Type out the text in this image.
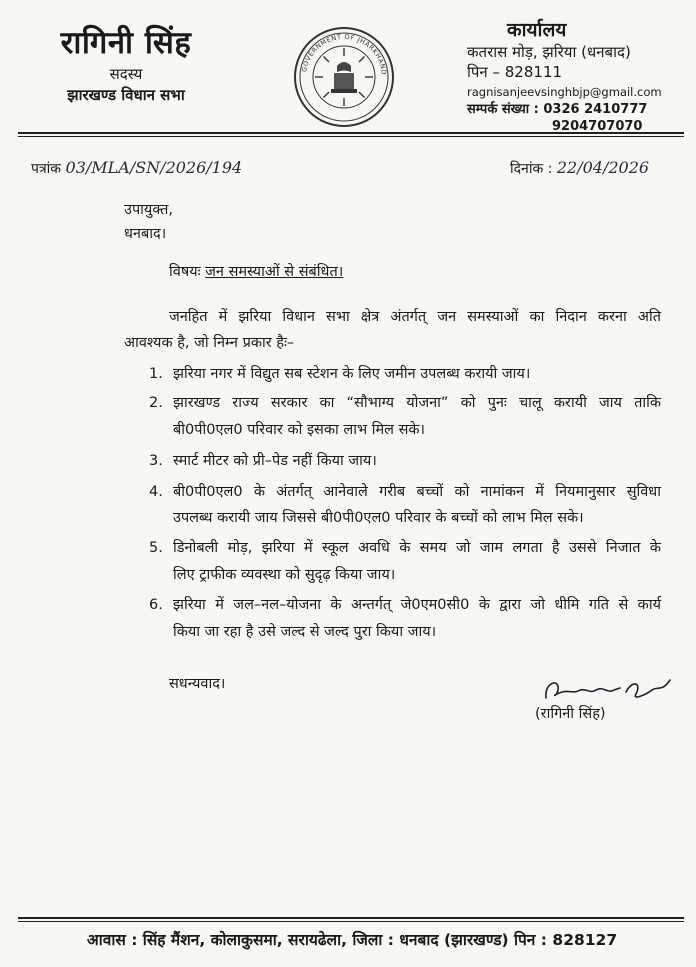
रागिनी सिंह
सदस्य
झारखण्ड विधान सभा
GOVERNMENT OF JHARKHAND
कार्यालय
कतरास मोड़, झरिया (धनबाद)
पिन – 828111
ragnisanjeevsinghbjp@gmail.com
सम्पर्क संख्या : 0326 2410777
9204707070
पत्रांक 03/MLA/SN/2026/194	दिनांक : 22/04/2026
उपायुक्त,
धनबाद।
विषयः जन समस्याओं से संबंधित।
जनहित में झरिया विधान सभा क्षेत्र अंतर्गत् जन समस्याओं का निदान करना अति
आवश्यक है, जो निम्न प्रकार हैः–
1. झरिया नगर में विद्युत सब स्टेशन के लिए जमीन उपलब्ध करायी जाय।
2. झारखण्ड राज्य सरकार का “सौभाग्य योजना” को पुनः चालू करायी जाय ताकि
बी0पी0एल0 परिवार को इसका लाभ मिल सके।
3. स्मार्ट मीटर को प्री–पेड नहीं किया जाय।
4. बी0पी0एल0 के अंतर्गत् आनेवाले गरीब बच्चों को नामांकन में नियमानुसार सुविधा
उपलब्ध करायी जाय जिससे बी0पी0एल0 परिवार के बच्चों को लाभ मिल सके।
5. डिनोबली मोड़, झरिया में स्कूल अवधि के समय जो जाम लगता है उससे निजात के
लिए ट्राफीक व्यवस्था को सुदृढ़ किया जाय।
6. झरिया में जल–नल–योजना के अन्तर्गत् जे0एम0सी0 के द्वारा जो धीमि गति से कार्य
किया जा रहा है उसे जल्द से जल्द पुरा किया जाय।
सधन्यवाद।
(रागिनी सिंह)
आवास : सिंह मैंशन, कोलाकुसमा, सरायढेला, जिला : धनबाद (झारखण्ड) पिन : 828127
